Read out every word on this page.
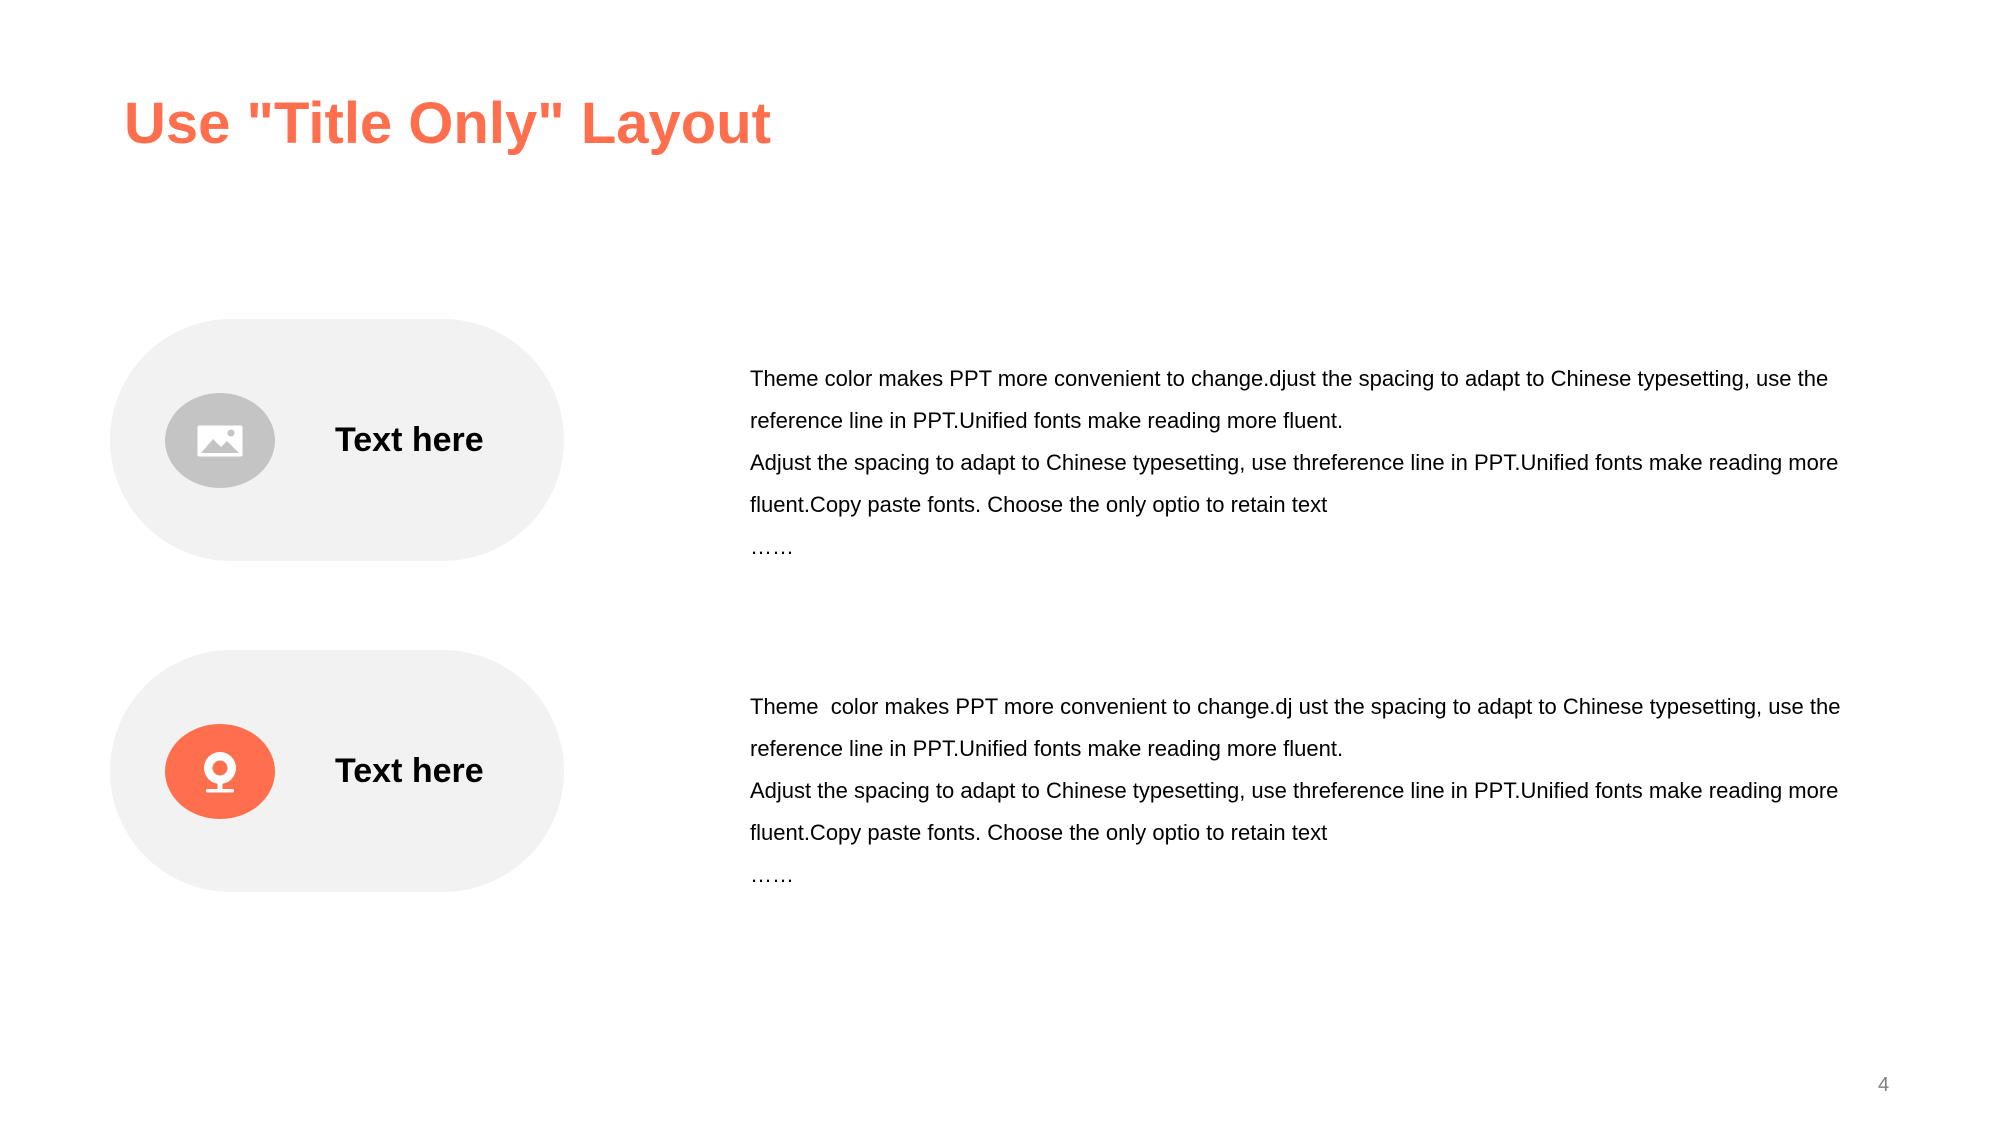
Use "Title Only" Layout
Text here

Theme color makes PPT more convenient to change.djust the spacing to adapt to Chinese typesetting, use the reference line in PPT.Unified fonts make reading more fluent.

Adjust the spacing to adapt to Chinese typesetting, use threference line in PPT.Unified fonts make reading more fluent.Copy paste fonts. Choose the only optio to retain text

……

Text here

Theme  color makes PPT more convenient to change.dj ust the spacing to adapt to Chinese typesetting, use the reference line in PPT.Unified fonts make reading more fluent.

Adjust the spacing to adapt to Chinese typesetting, use threference line in PPT.Unified fonts make reading more fluent.Copy paste fonts. Choose the only optio to retain text

……

4
